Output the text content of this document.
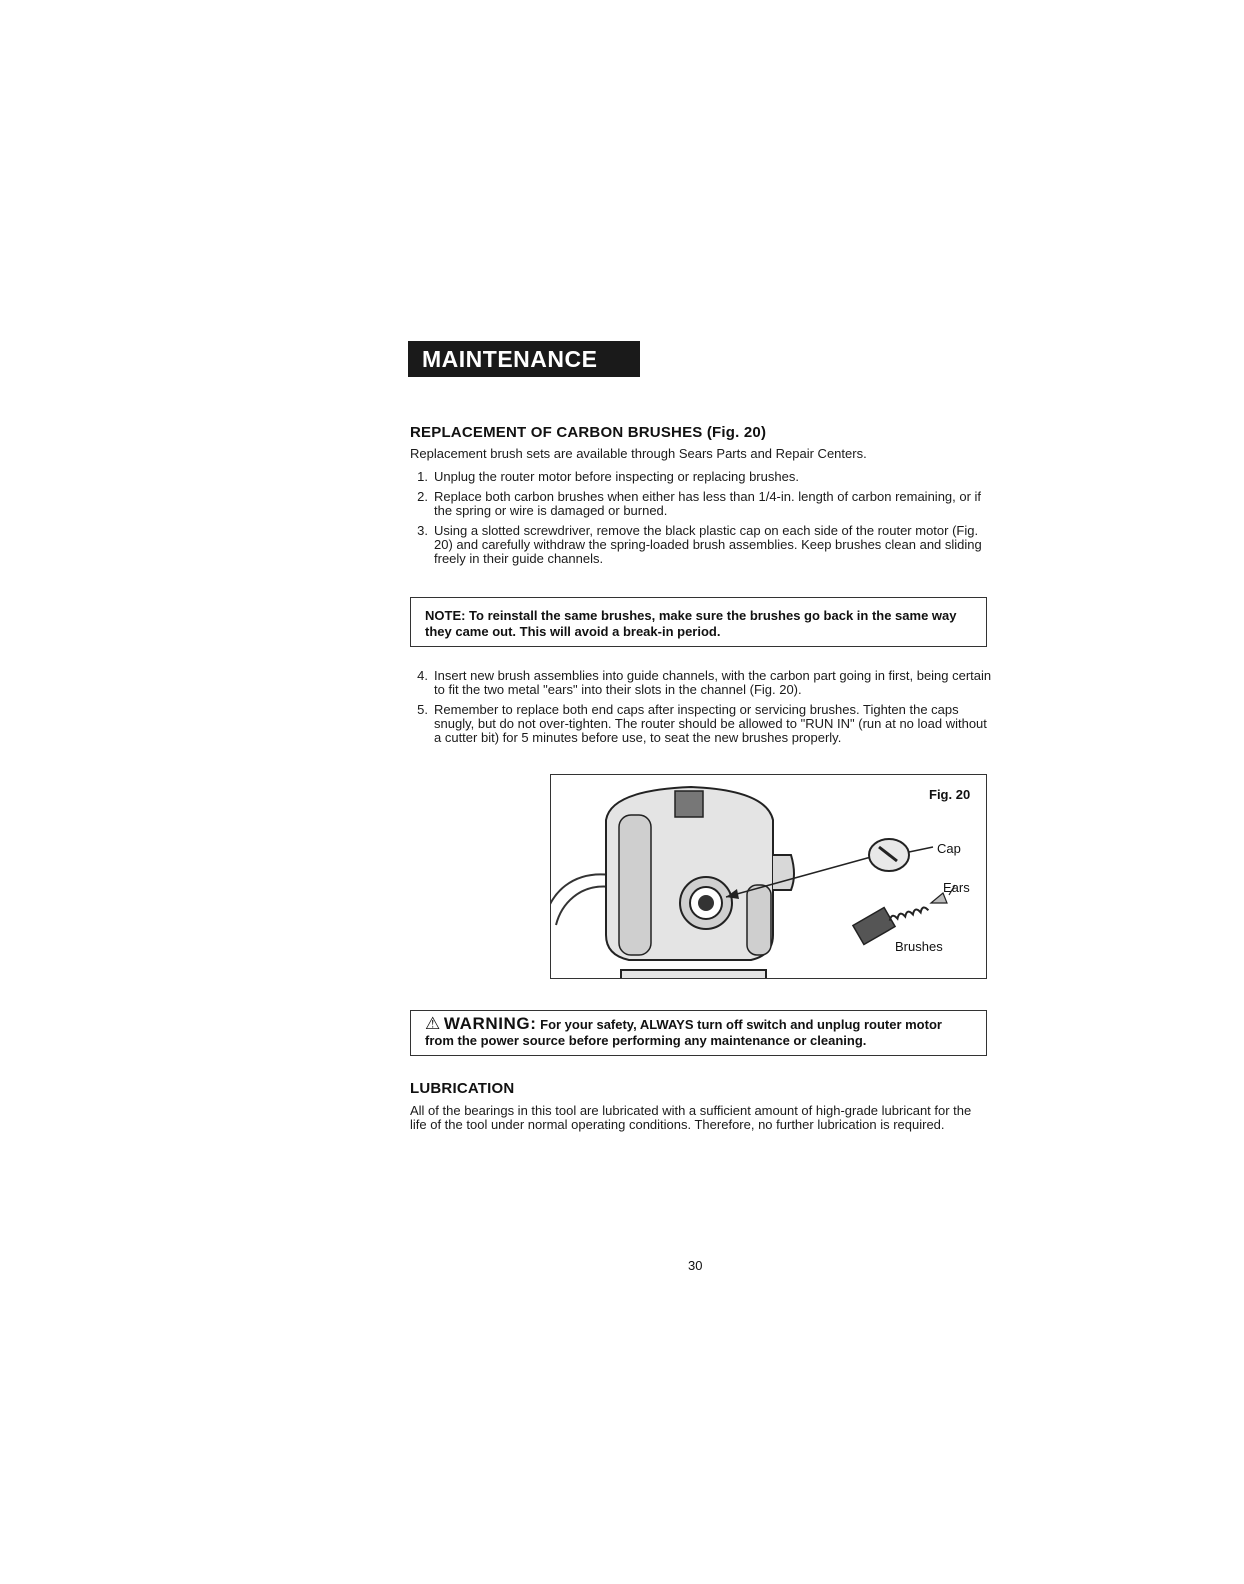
MAINTENANCE cont.
REPLACEMENT OF CARBON BRUSHES (Fig. 20)
Replacement brush sets are available through Sears Parts and Repair Centers.
1. Unplug the router motor before inspecting or replacing brushes.
2. Replace both carbon brushes when either has less than 1/4-in. length of carbon remaining, or if the spring or wire is damaged or burned.
3. Using a slotted screwdriver, remove the black plastic cap on each side of the router motor (Fig. 20) and carefully withdraw the spring-loaded brush assemblies. Keep brushes clean and sliding freely in their guide channels.
NOTE: To reinstall the same brushes, make sure the brushes go back in the same way they came out. This will avoid a break-in period.
4. Insert new brush assemblies into guide channels, with the carbon part going in first, being certain to fit the two metal "ears" into their slots in the channel (Fig. 20).
5. Remember to replace both end caps after inspecting or servicing brushes. Tighten the caps snugly, but do not over-tighten. The router should be allowed to "RUN IN" (run at no load without a cutter bit) for 5 minutes before use, to seat the new brushes properly.
Fig. 20
Cap
Ears
Brushes
⚠ WARNING: For your safety, ALWAYS turn off switch and unplug router motor from the power source before performing any maintenance or cleaning.
LUBRICATION
All of the bearings in this tool are lubricated with a sufficient amount of high-grade lubricant for the life of the tool under normal operating conditions. Therefore, no further lubrication is required.
30
